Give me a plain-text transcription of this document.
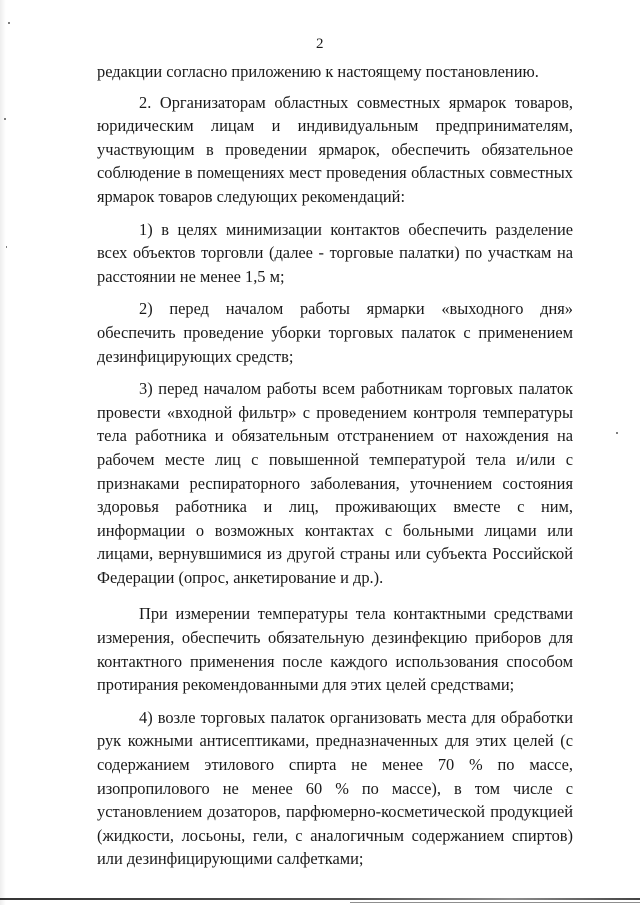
2

редакции согласно приложению к настоящему постановлению.

2. Организаторам областных совместных ярмарок товаров, юридическим лицам и индивидуальным предпринимателям, участвующим в проведении ярмарок, обеспечить обязательное соблюдение в помещениях мест проведения областных совместных ярмарок товаров следующих рекомендаций:

1) в целях минимизации контактов обеспечить разделение всех объектов торговли (далее - торговые палатки) по участкам на расстоянии не менее 1,5 м;

2) перед началом работы ярмарки «выходного дня» обеспечить проведение уборки торговых палаток с применением дезинфицирующих средств;

3) перед началом работы всем работникам торговых палаток провести «входной фильтр» с проведением контроля температуры тела работника и обязательным отстранением от нахождения на рабочем месте лиц с повышенной температурой тела и/или с признаками респираторного заболевания, уточнением состояния здоровья работника и лиц, проживающих вместе с ним, информации о возможных контактах с больными лицами или лицами, вернувшимися из другой страны или субъекта Российской Федерации (опрос, анкетирование и др.).

При измерении температуры тела контактными средствами измерения, обеспечить обязательную дезинфекцию приборов для контактного применения после каждого использования способом протирания рекомендованными для этих целей средствами;

4) возле торговых палаток организовать места для обработки рук кожными антисептиками, предназначенных для этих целей (с содержанием этилового спирта не менее 70 % по массе, изопропилового не менее 60 % по массе), в том числе с установлением дозаторов, парфюмерно-косметической продукцией (жидкости, лосьоны, гели, с аналогичным содержанием спиртов) или дезинфицирующими салфетками;
